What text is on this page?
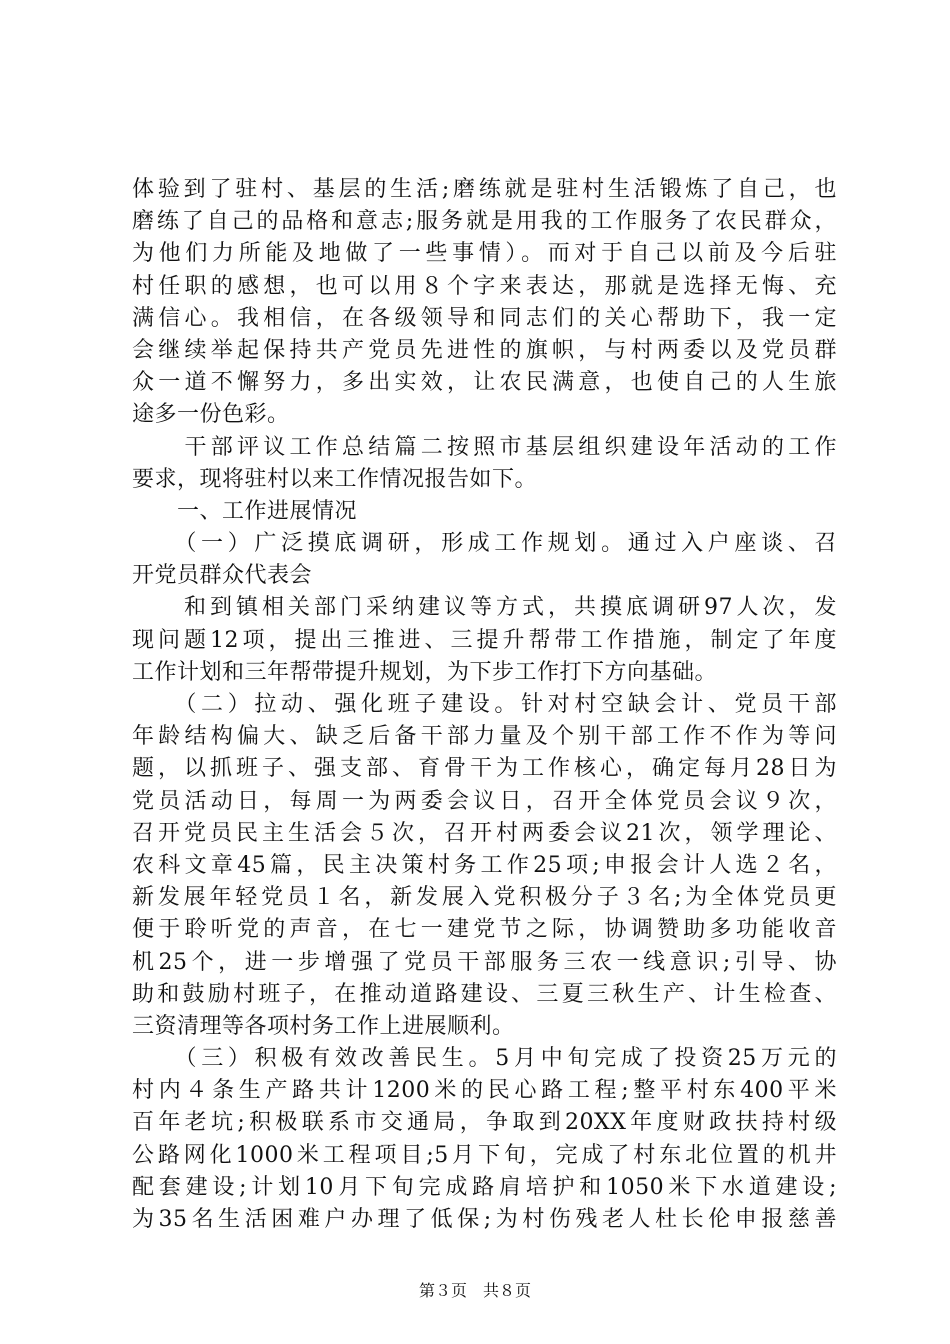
体验到了驻村、基层的生活;磨练就是驻村生活锻炼了自己，也
磨练了自己的品格和意志;服务就是用我的工作服务了农民群众，
为他们力所能及地做了一些事情）。而对于自己以前及今后驻
村任职的感想，也可以用８个字来表达，那就是选择无悔、充
满信心。我相信，在各级领导和同志们的关心帮助下，我一定
会继续举起保持共产党员先进性的旗帜，与村两委以及党员群
众一道不懈努力，多出实效，让农民满意，也使自己的人生旅
途多一份色彩。
　　干部评议工作总结篇二按照市基层组织建设年活动的工作
要求，现将驻村以来工作情况报告如下。
　　一、工作进展情况
　　（一）广泛摸底调研，形成工作规划。通过入户座谈、召
开党员群众代表会
　　和到镇相关部门采纳建议等方式，共摸底调研97人次，发
现问题12项，提出三推进、三提升帮带工作措施，制定了年度
工作计划和三年帮带提升规划，为下步工作打下方向基础。
　　（二）拉动、强化班子建设。针对村空缺会计、党员干部
年龄结构偏大、缺乏后备干部力量及个别干部工作不作为等问
题，以抓班子、强支部、育骨干为工作核心，确定每月28日为
党员活动日，每周一为两委会议日，召开全体党员会议９次，
召开党员民主生活会５次，召开村两委会议21次，领学理论、
农科文章45篇，民主决策村务工作25项;申报会计人选２名，
新发展年轻党员１名，新发展入党积极分子３名;为全体党员更
便于聆听党的声音，在七一建党节之际，协调赞助多功能收音
机25个，进一步增强了党员干部服务三农一线意识;引导、协
助和鼓励村班子，在推动道路建设、三夏三秋生产、计生检查、
三资清理等各项村务工作上进展顺利。
　　（三）积极有效改善民生。5月中旬完成了投资25万元的
村内４条生产路共计1200米的民心路工程;整平村东400平米
百年老坑;积极联系市交通局，争取到20XX年度财政扶持村级
公路网化1000米工程项目;5月下旬，完成了村东北位置的机井
配套建设;计划10月下旬完成路肩培护和1050米下水道建设;
为35名生活困难户办理了低保;为村伤残老人杜长伦申报慈善
第３页　共８页
